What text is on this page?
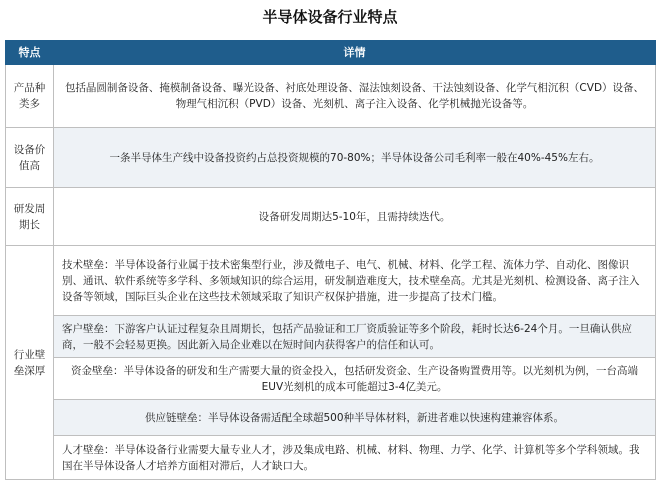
半导体设备行业特点
特点	详情
产品种类多	包括晶圆制备设备、掩模制备设备、曝光设备、衬底处理设备、湿法蚀刻设备、干法蚀刻设备、化学气相沉积（CVD）设备、物理气相沉积（PVD）设备、光刻机、离子注入设备、化学机械抛光设备等。
设备价值高	一条半导体生产线中设备投资约占总投资规模的70-80%；半导体设备公司毛利率一般在40%-45%左右。
研发周期长	设备研发周期达5-10年，且需持续迭代。
行业壁垒深厚	技术壁垒：半导体设备行业属于技术密集型行业，涉及微电子、电气、机械、材料、化学工程、流体力学、自动化、图像识别、通讯、软件系统等多学科、多领域知识的综合运用，研发制造难度大，技术壁垒高。尤其是光刻机、检测设备、离子注入设备等领域，国际巨头企业在这些技术领域采取了知识产权保护措施，进一步提高了技术门槛。
	客户壁垒：下游客户认证过程复杂且周期长，包括产品验证和工厂资质验证等多个阶段，耗时长达6-24个月。一旦确认供应商，一般不会轻易更换。因此新入局企业难以在短时间内获得客户的信任和认可。
	资金壁垒：半导体设备的研发和生产需要大量的资金投入，包括研发资金、生产设备购置费用等。以光刻机为例，一台高端EUV光刻机的成本可能超过3-4亿美元。
	供应链壁垒：半导体设备需适配全球超500种半导体材料，新进者难以快速构建兼容体系。
	人才壁垒：半导体设备行业需要大量专业人才，涉及集成电路、机械、材料、物理、力学、化学、计算机等多个学科领域。我国在半导体设备人才培养方面相对滞后，人才缺口大。
